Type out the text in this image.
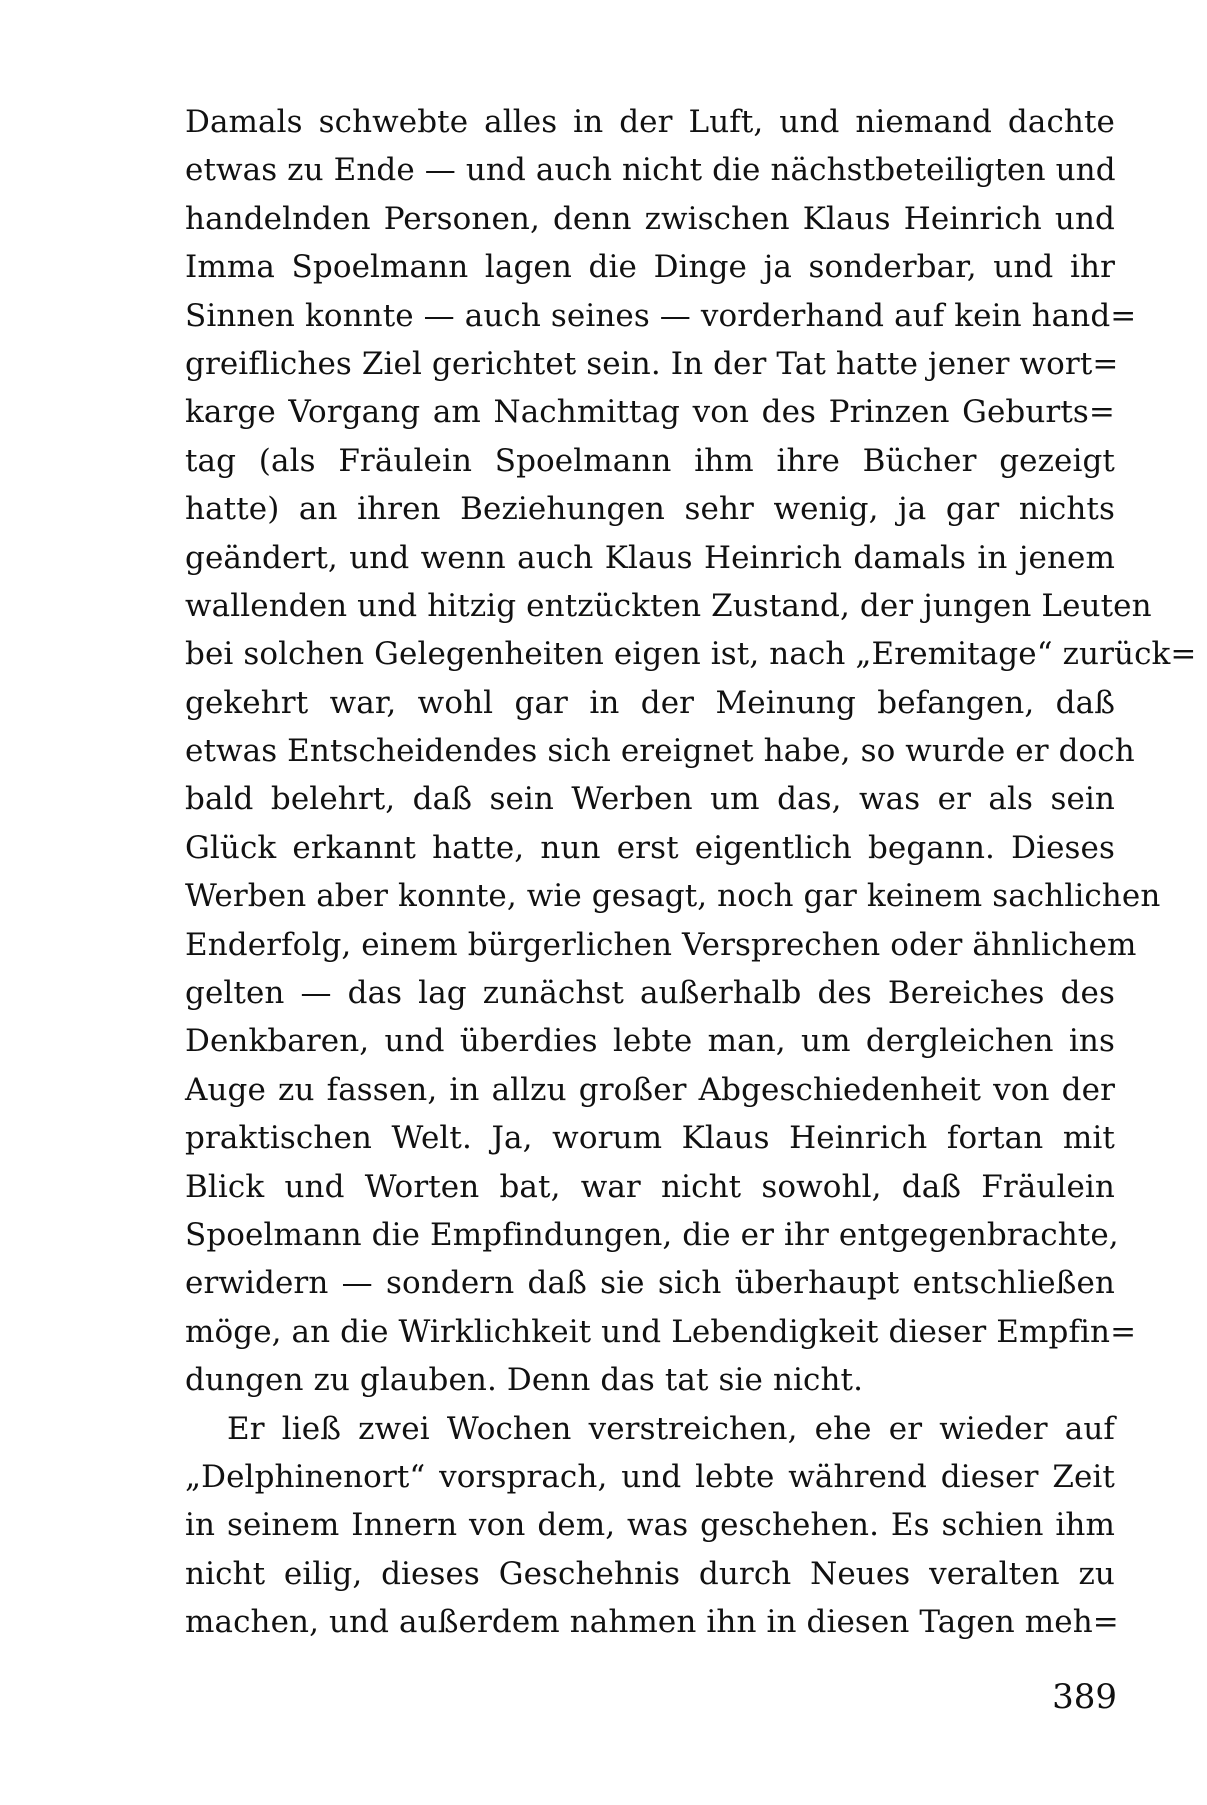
Damals schwebte alles in der Luft, und niemand dachte
etwas zu Ende — und auch nicht die nächstbeteiligten und
handelnden Personen, denn zwischen Klaus Heinrich und
Imma Spoelmann lagen die Dinge ja sonderbar, und ihr
Sinnen konnte — auch seines — vorderhand auf kein hand=
greifliches Ziel gerichtet sein. In der Tat hatte jener wort=
karge Vorgang am Nachmittag von des Prinzen Geburts=
tag (als Fräulein Spoelmann ihm ihre Bücher gezeigt
hatte) an ihren Beziehungen sehr wenig, ja gar nichts
geändert, und wenn auch Klaus Heinrich damals in jenem
wallenden und hitzig entzückten Zustand, der jungen Leuten
bei solchen Gelegenheiten eigen ist, nach „Eremitage“ zurück=
gekehrt war, wohl gar in der Meinung befangen, daß
etwas Entscheidendes sich ereignet habe, so wurde er doch
bald belehrt, daß sein Werben um das, was er als sein
Glück erkannt hatte, nun erst eigentlich begann. Dieses
Werben aber konnte, wie gesagt, noch gar keinem sachlichen
Enderfolg, einem bürgerlichen Versprechen oder ähnlichem
gelten — das lag zunächst außerhalb des Bereiches des
Denkbaren, und überdies lebte man, um dergleichen ins
Auge zu fassen, in allzu großer Abgeschiedenheit von der
praktischen Welt. Ja, worum Klaus Heinrich fortan mit
Blick und Worten bat, war nicht sowohl, daß Fräulein
Spoelmann die Empfindungen, die er ihr entgegenbrachte,
erwidern — sondern daß sie sich überhaupt entschließen
möge, an die Wirklichkeit und Lebendigkeit dieser Empfin=
dungen zu glauben. Denn das tat sie nicht.
Er ließ zwei Wochen verstreichen, ehe er wieder auf
„Delphinenort“ vorsprach, und lebte während dieser Zeit
in seinem Innern von dem, was geschehen. Es schien ihm
nicht eilig, dieses Geschehnis durch Neues veralten zu
machen, und außerdem nahmen ihn in diesen Tagen meh=
389
